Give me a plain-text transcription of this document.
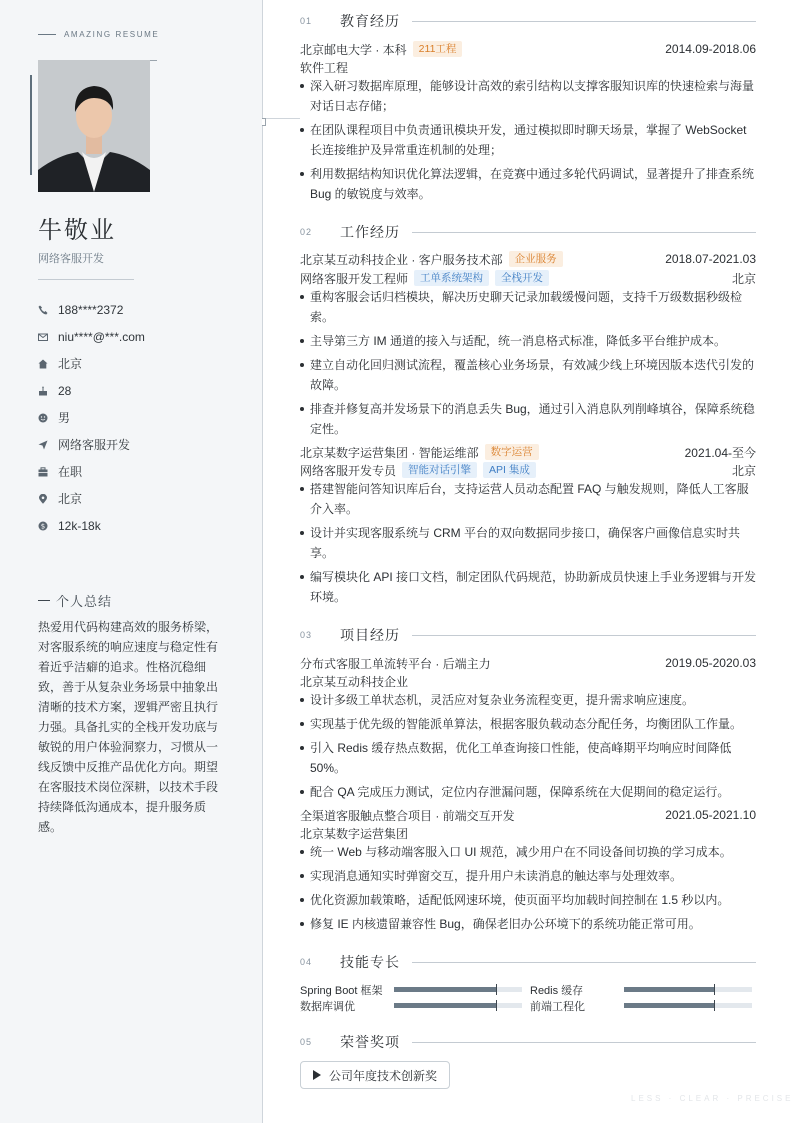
AMAZING RESUME
牛敬业
网络客服开发
188****2372
niu****@***.com
北京
28
男
网络客服开发
在职
北京
$ 12k-18k
个人总结
热爱用代码构建高效的服务桥梁，对客服系统的响应速度与稳定性有着近乎洁癖的追求。性格沉稳细致，善于从复杂业务场景中抽象出清晰的技术方案，逻辑严密且执行力强。具备扎实的全栈开发功底与敏锐的用户体验洞察力，习惯从一线反馈中反推产品优化方向。期望在客服技术岗位深耕，以技术手段持续降低沟通成本，提升服务质感。
01	教育经历
北京邮电大学 · 本科	211工程	2014.09-2018.06
软件工程
深入研习数据库原理，能够设计高效的索引结构以支撑客服知识库的快速检索与海量对话日志存储；
在团队课程项目中负责通讯模块开发，通过模拟即时聊天场景，掌握了 WebSocket 长连接维护及异常重连机制的处理；
利用数据结构知识优化算法逻辑，在竞赛中通过多轮代码调试，显著提升了排查系统 Bug 的敏锐度与效率。
02	工作经历
北京某互动科技企业 · 客户服务技术部	企业服务	2018.07-2021.03
网络客服开发工程师	工单系统架构	全栈开发	北京
重构客服会话归档模块，解决历史聊天记录加载缓慢问题，支持千万级数据秒级检索。
主导第三方 IM 通道的接入与适配，统一消息格式标准，降低多平台维护成本。
建立自动化回归测试流程，覆盖核心业务场景，有效减少线上环境因版本迭代引发的故障。
排查并修复高并发场景下的消息丢失 Bug，通过引入消息队列削峰填谷，保障系统稳定性。
北京某数字运营集团 · 智能运维部	数字运营	2021.04-至今
网络客服开发专员	智能对话引擎	API 集成	北京
搭建智能问答知识库后台，支持运营人员动态配置 FAQ 与触发规则，降低人工客服介入率。
设计并实现客服系统与 CRM 平台的双向数据同步接口，确保客户画像信息实时共享。
编写模块化 API 接口文档，制定团队代码规范，协助新成员快速上手业务逻辑与开发环境。
03	项目经历
分布式客服工单流转平台 · 后端主力	2019.05-2020.03
北京某互动科技企业
设计多级工单状态机，灵活应对复杂业务流程变更，提升需求响应速度。
实现基于优先级的智能派单算法，根据客服负载动态分配任务，均衡团队工作量。
引入 Redis 缓存热点数据，优化工单查询接口性能，使高峰期平均响应时间降低 50%。
配合 QA 完成压力测试，定位内存泄漏问题，保障系统在大促期间的稳定运行。
全渠道客服触点整合项目 · 前端交互开发	2021.05-2021.10
北京某数字运营集团
统一 Web 与移动端客服入口 UI 规范，减少用户在不同设备间切换的学习成本。
实现消息通知实时弹窗交互，提升用户未读消息的触达率与处理效率。
优化资源加载策略，适配低网速环境，使页面平均加载时间控制在 1.5 秒以内。
修复 IE 内核遗留兼容性 Bug，确保老旧办公环境下的系统功能正常可用。
04	技能专长
Spring Boot 框架	Redis 缓存
数据库调优	前端工程化
05	荣誉奖项
公司年度技术创新奖
LESS · CLEAR · PRECISE
